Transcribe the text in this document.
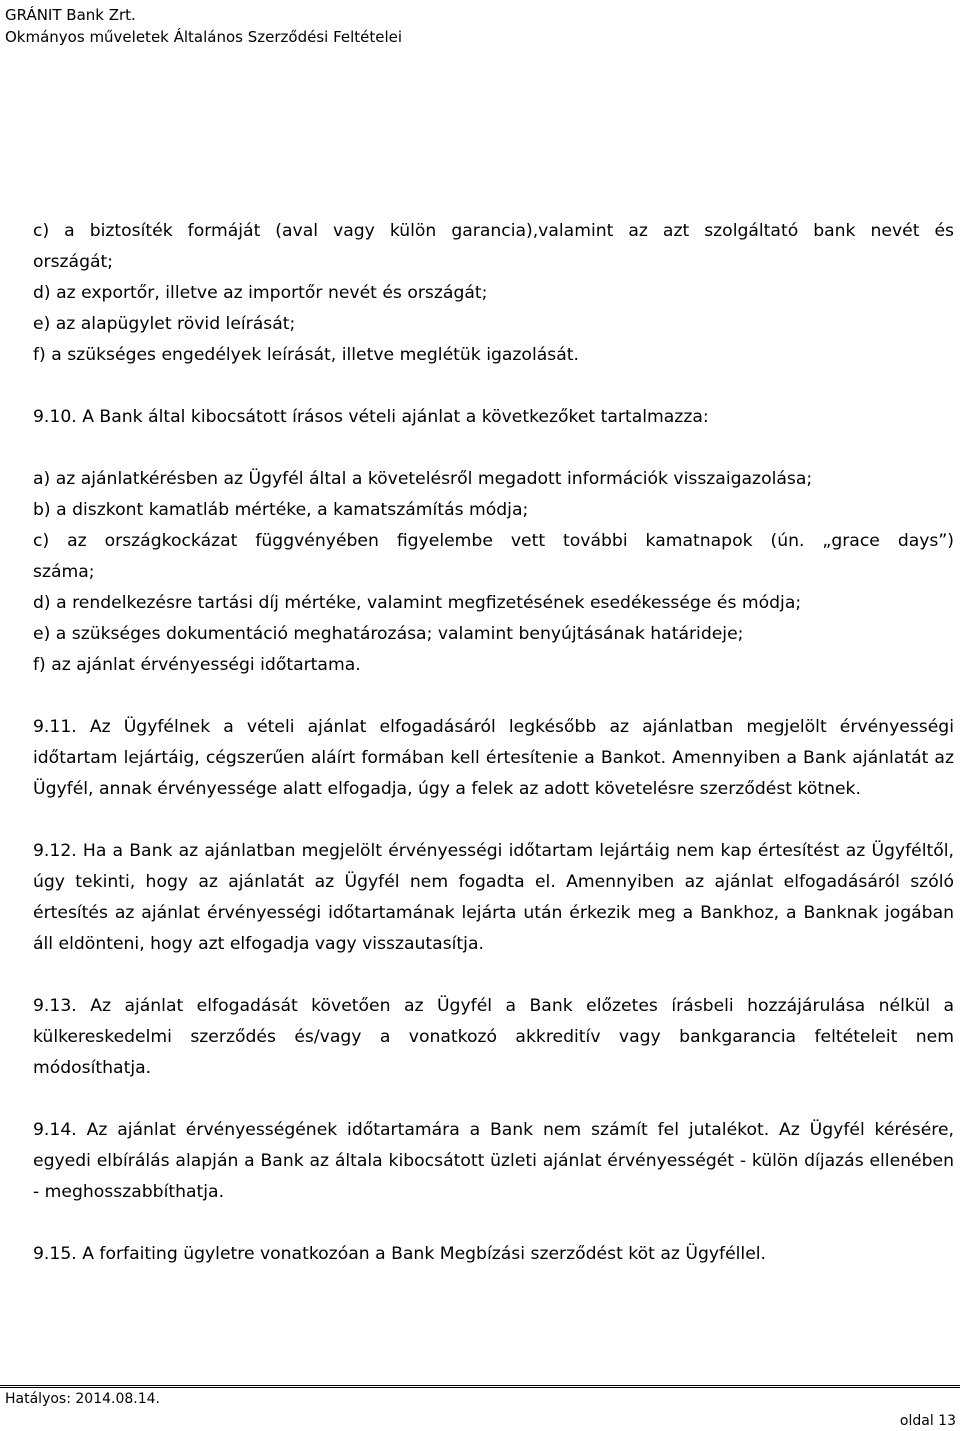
GRÁNIT Bank Zrt.
Okmányos műveletek Általános Szerződési Feltételei
c) a biztosíték formáját (aval vagy külön garancia),valamint az azt szolgáltató bank nevét és
országát;
d) az exportőr, illetve az importőr nevét és országát;
e) az alapügylet rövid leírását;
f) a szükséges engedélyek leírását, illetve meglétük igazolását.
9.10. A Bank által kibocsátott írásos vételi ajánlat a következőket tartalmazza:
a) az ajánlatkérésben az Ügyfél által a követelésről megadott információk visszaigazolása;
b) a diszkont kamatláb mértéke, a kamatszámítás módja;
c) az országkockázat függvényében figyelembe vett további kamatnapok (ún. „grace days”)
száma;
d) a rendelkezésre tartási díj mértéke, valamint megfizetésének esedékessége és módja;
e) a szükséges dokumentáció meghatározása; valamint benyújtásának határideje;
f) az ajánlat érvényességi időtartama.
9.11. Az Ügyfélnek a vételi ajánlat elfogadásáról legkésőbb az ajánlatban megjelölt érvényességi időtartam lejártáig, cégszerűen aláírt formában kell értesítenie a Bankot. Amennyiben a Bank ajánlatát az Ügyfél, annak érvényessége alatt elfogadja, úgy a felek az adott követelésre szerződést kötnek.
9.12. Ha a Bank az ajánlatban megjelölt érvényességi időtartam lejártáig nem kap értesítést az Ügyféltől, úgy tekinti, hogy az ajánlatát az Ügyfél nem fogadta el. Amennyiben az ajánlat elfogadásáról szóló értesítés az ajánlat érvényességi időtartamának lejárta után érkezik meg a Bankhoz, a Banknak jogában áll eldönteni, hogy azt elfogadja vagy visszautasítja.
9.13. Az ajánlat elfogadását követően az Ügyfél a Bank előzetes írásbeli hozzájárulása nélkül a külkereskedelmi szerződés és/vagy a vonatkozó akkreditív vagy bankgarancia feltételeit nem módosíthatja.
9.14. Az ajánlat érvényességének időtartamára a Bank nem számít fel jutalékot. Az Ügyfél kérésére, egyedi elbírálás alapján a Bank az általa kibocsátott üzleti ajánlat érvényességét - külön díjazás ellenében - meghosszabbíthatja.
9.15. A forfaiting ügyletre vonatkozóan a Bank Megbízási szerződést köt az Ügyféllel.
Hatályos: 2014.08.14.
oldal 13
